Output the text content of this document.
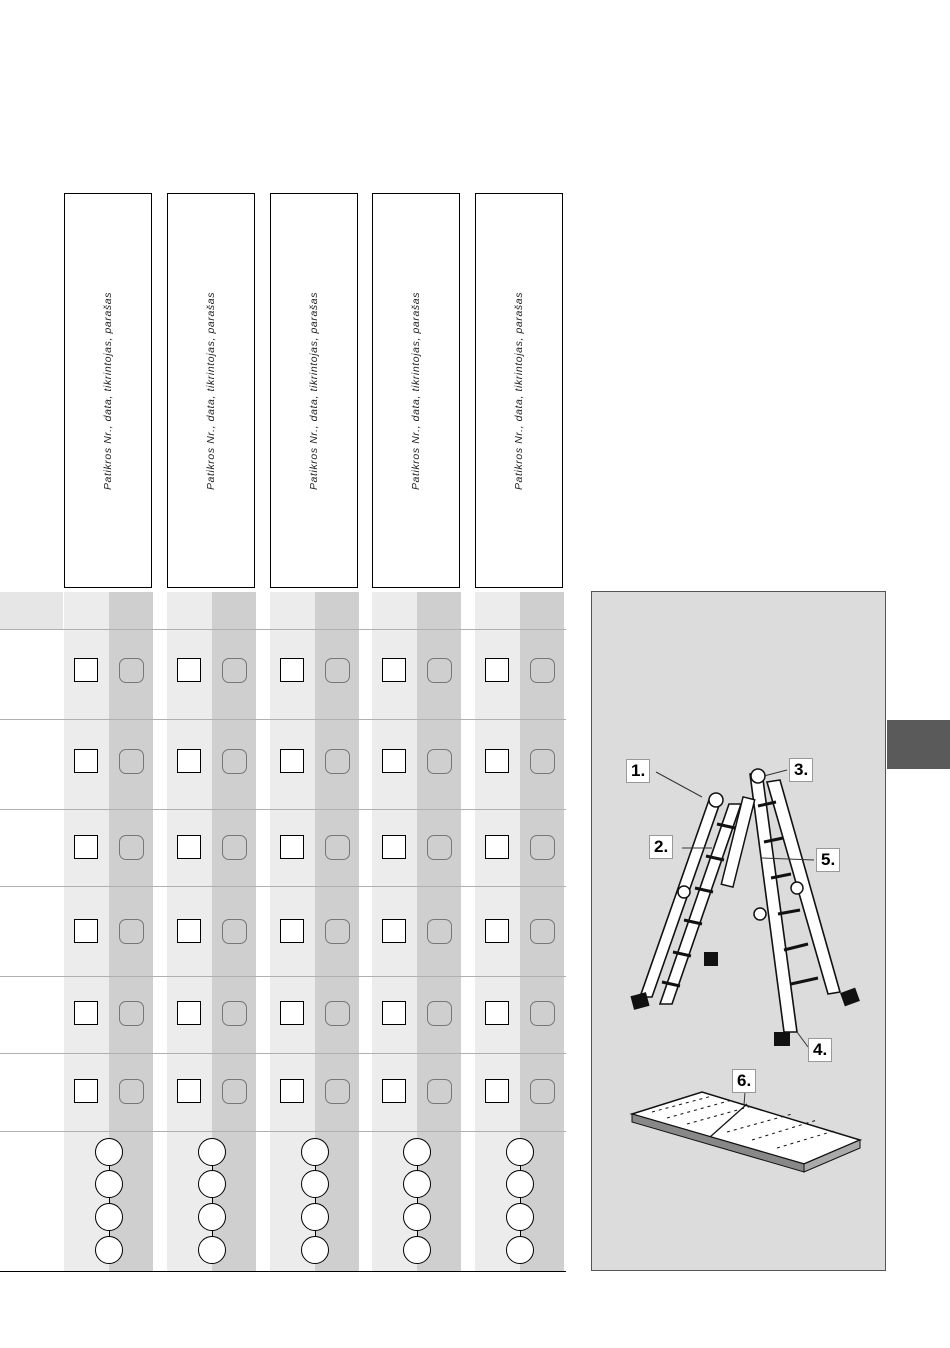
Patikros Nr., data, tikrintojas, parašas	Patikros Nr., data, tikrintojas, parašas	Patikros Nr., data, tikrintojas, parašas	Patikros Nr., data, tikrintojas, parašas	Patikros Nr., data, tikrintojas, parašas
1.
2.
3.
4.
5.
6.
